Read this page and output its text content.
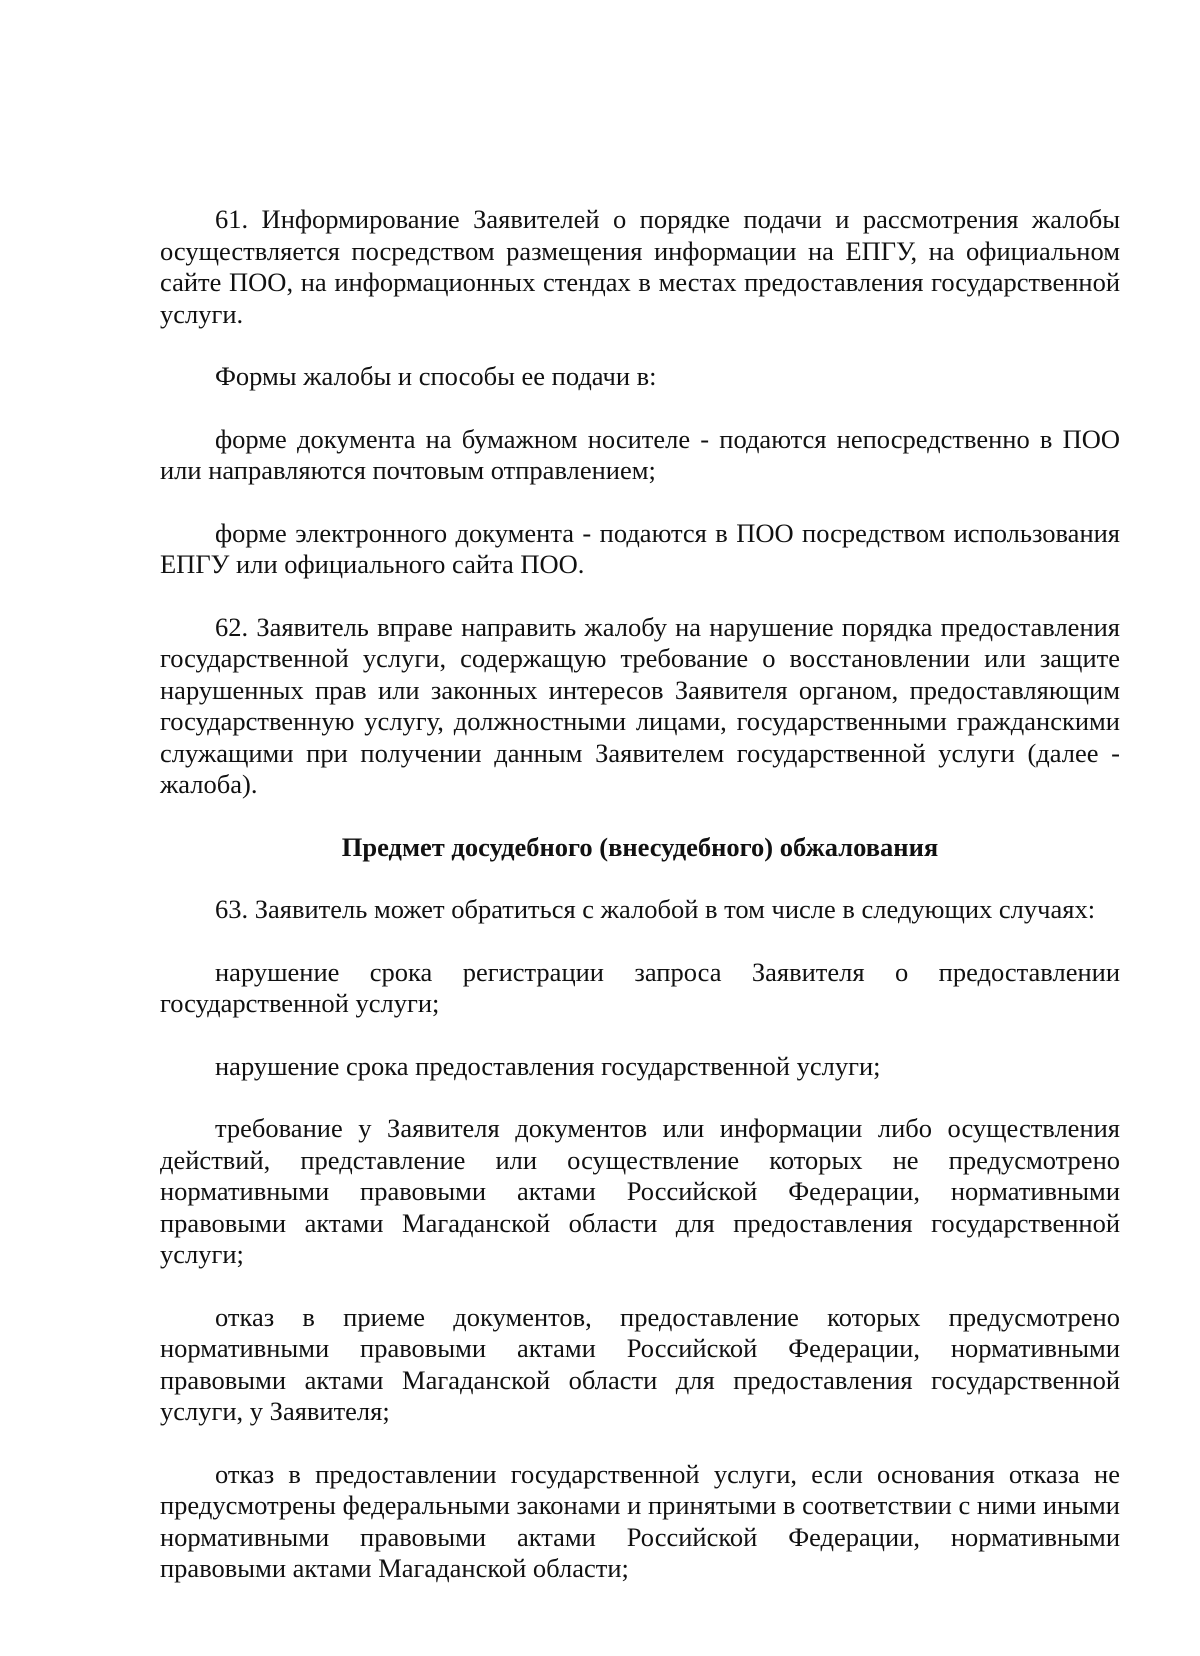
61. Информирование Заявителей о порядке подачи и рассмотрения жалобы осуществляется посредством размещения информации на ЕПГУ, на официальном сайте ПОО, на информационных стендах в местах предоставления государственной услуги.

Формы жалобы и способы ее подачи в:

форме документа на бумажном носителе - подаются непосредственно в ПОО или направляются почтовым отправлением;

форме электронного документа - подаются в ПОО посредством использования ЕПГУ или официального сайта ПОО.

62. Заявитель вправе направить жалобу на нарушение порядка предоставления государственной услуги, содержащую требование о восстановлении или защите нарушенных прав или законных интересов Заявителя органом, предоставляющим государственную услугу, должностными лицами, государственными гражданскими служащими при получении данным Заявителем государственной услуги (далее - жалоба).

Предмет досудебного (внесудебного) обжалования

63. Заявитель может обратиться с жалобой в том числе в следующих случаях:

нарушение срока регистрации запроса Заявителя о предоставлении государственной услуги;

нарушение срока предоставления государственной услуги;

требование у Заявителя документов или информации либо осуществления действий, представление или осуществление которых не предусмотрено нормативными правовыми актами Российской Федерации, нормативными правовыми актами Магаданской области для предоставления государственной услуги;

отказ в приеме документов, предоставление которых предусмотрено нормативными правовыми актами Российской Федерации, нормативными правовыми актами Магаданской области для предоставления государственной услуги, у Заявителя;

отказ в предоставлении государственной услуги, если основания отказа не предусмотрены федеральными законами и принятыми в соответствии с ними иными нормативными правовыми актами Российской Федерации, нормативными правовыми актами Магаданской области;
